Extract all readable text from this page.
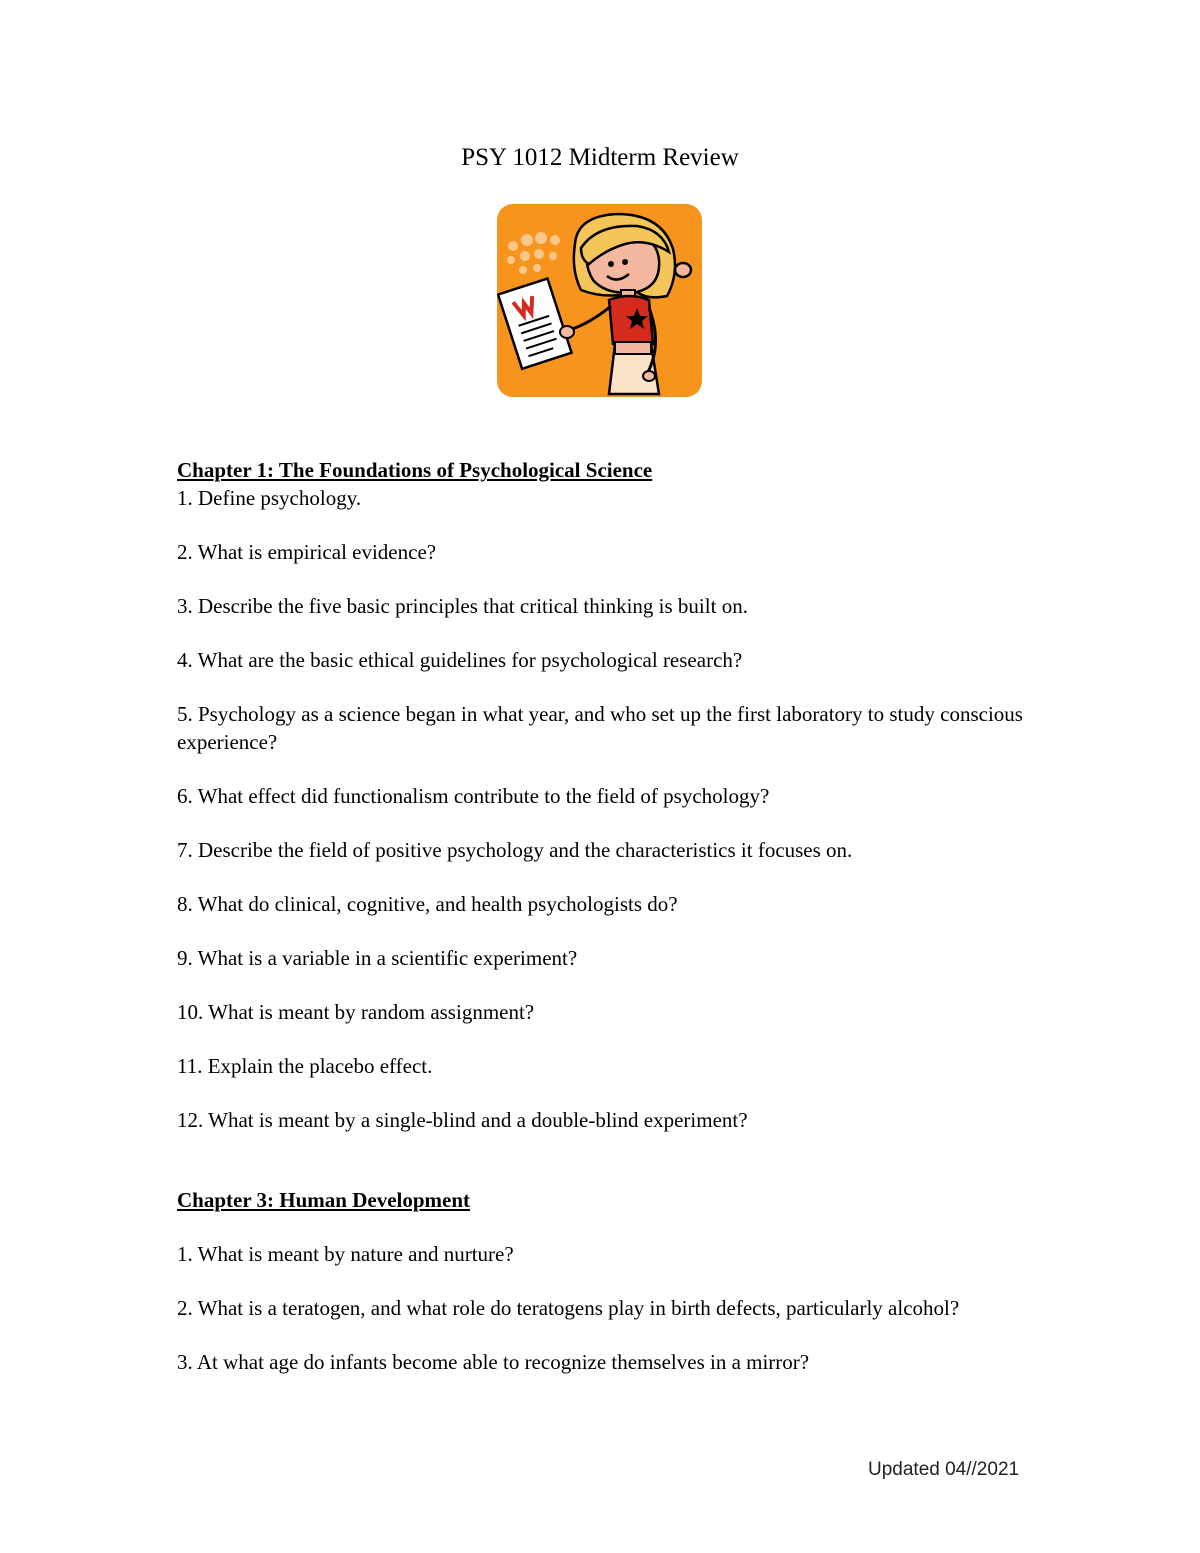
PSY 1012 Midterm Review

Chapter 1: The Foundations of Psychological Science

1. Define psychology.

2. What is empirical evidence?

3. Describe the five basic principles that critical thinking is built on.

4. What are the basic ethical guidelines for psychological research?

5. Psychology as a science began in what year, and who set up the first laboratory to study conscious experience?

6. What effect did functionalism contribute to the field of psychology?

7. Describe the field of positive psychology and the characteristics it focuses on.

8. What do clinical, cognitive, and health psychologists do?

9. What is a variable in a scientific experiment?

10. What is meant by random assignment?

11. Explain the placebo effect.

12. What is meant by a single-blind and a double-blind experiment?

Chapter 3: Human Development

1. What is meant by nature and nurture?

2. What is a teratogen, and what role do teratogens play in birth defects, particularly alcohol?

3. At what age do infants become able to recognize themselves in a mirror?

Updated 04//2021
